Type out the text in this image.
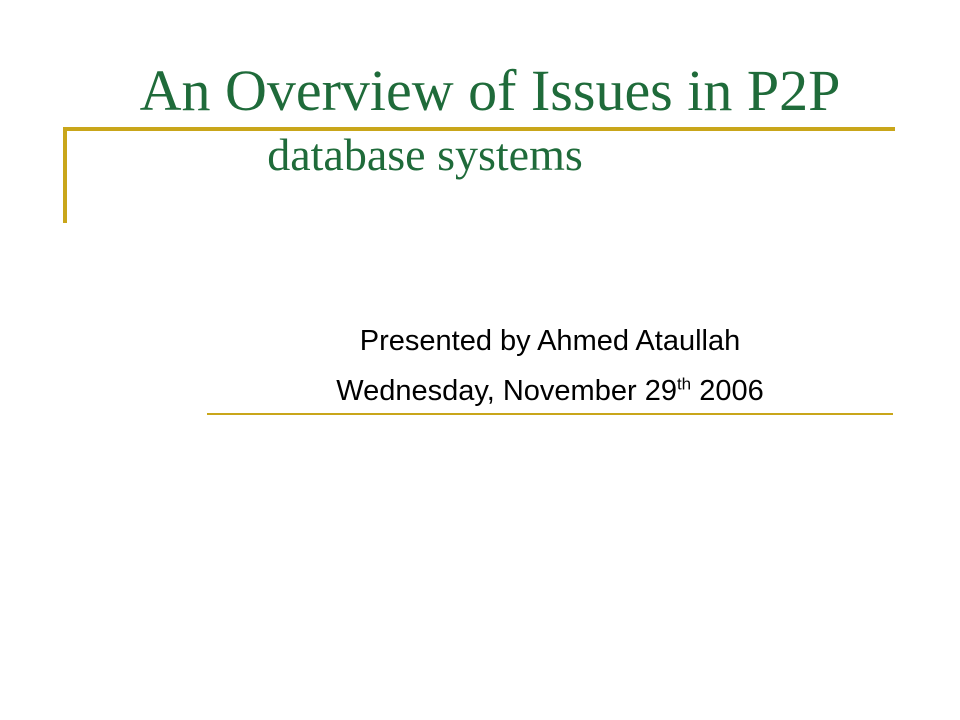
An Overview of Issues in P2P
database systems
Presented by Ahmed Ataullah
Wednesday, November 29th 2006
